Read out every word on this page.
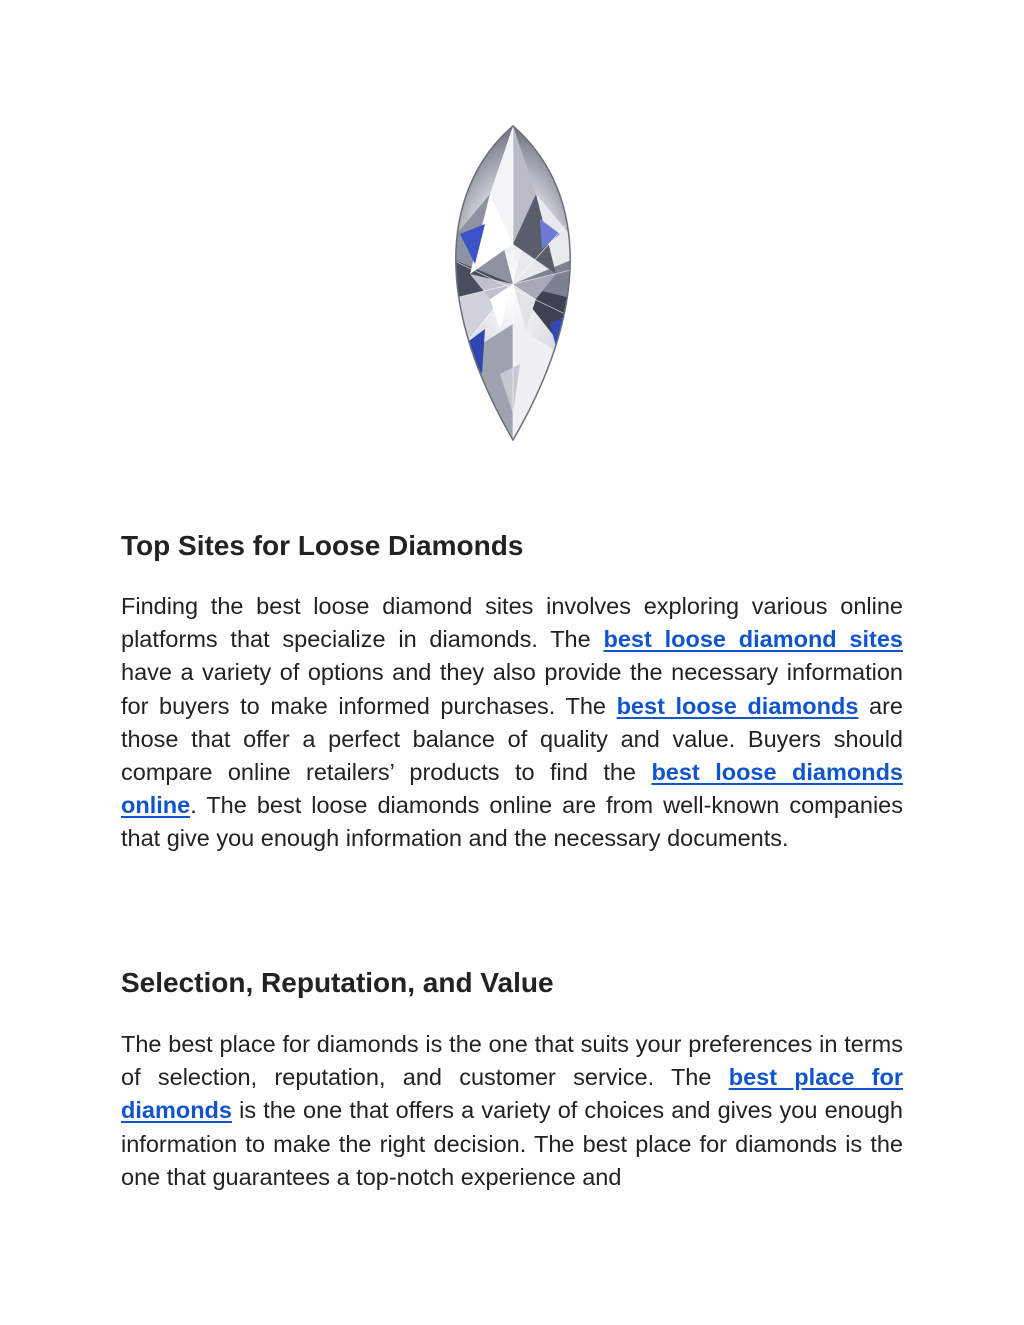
Top Sites for Loose Diamonds

Finding the best loose diamond sites involves exploring various online platforms that specialize in diamonds. The best loose diamond sites have a variety of options and they also provide the necessary information for buyers to make informed purchases. The best loose diamonds are those that offer a perfect balance of quality and value. Buyers should compare online retailers’ products to find the best loose diamonds online. The best loose diamonds online are from well-known companies that give you enough information and the necessary documents.

Selection, Reputation, and Value

The best place for diamonds is the one that suits your preferences in terms of selection, reputation, and customer service. The best place for diamonds is the one that offers a variety of choices and gives you enough information to make the right decision. The best place for diamonds is the one that guarantees a top-notch experience and
